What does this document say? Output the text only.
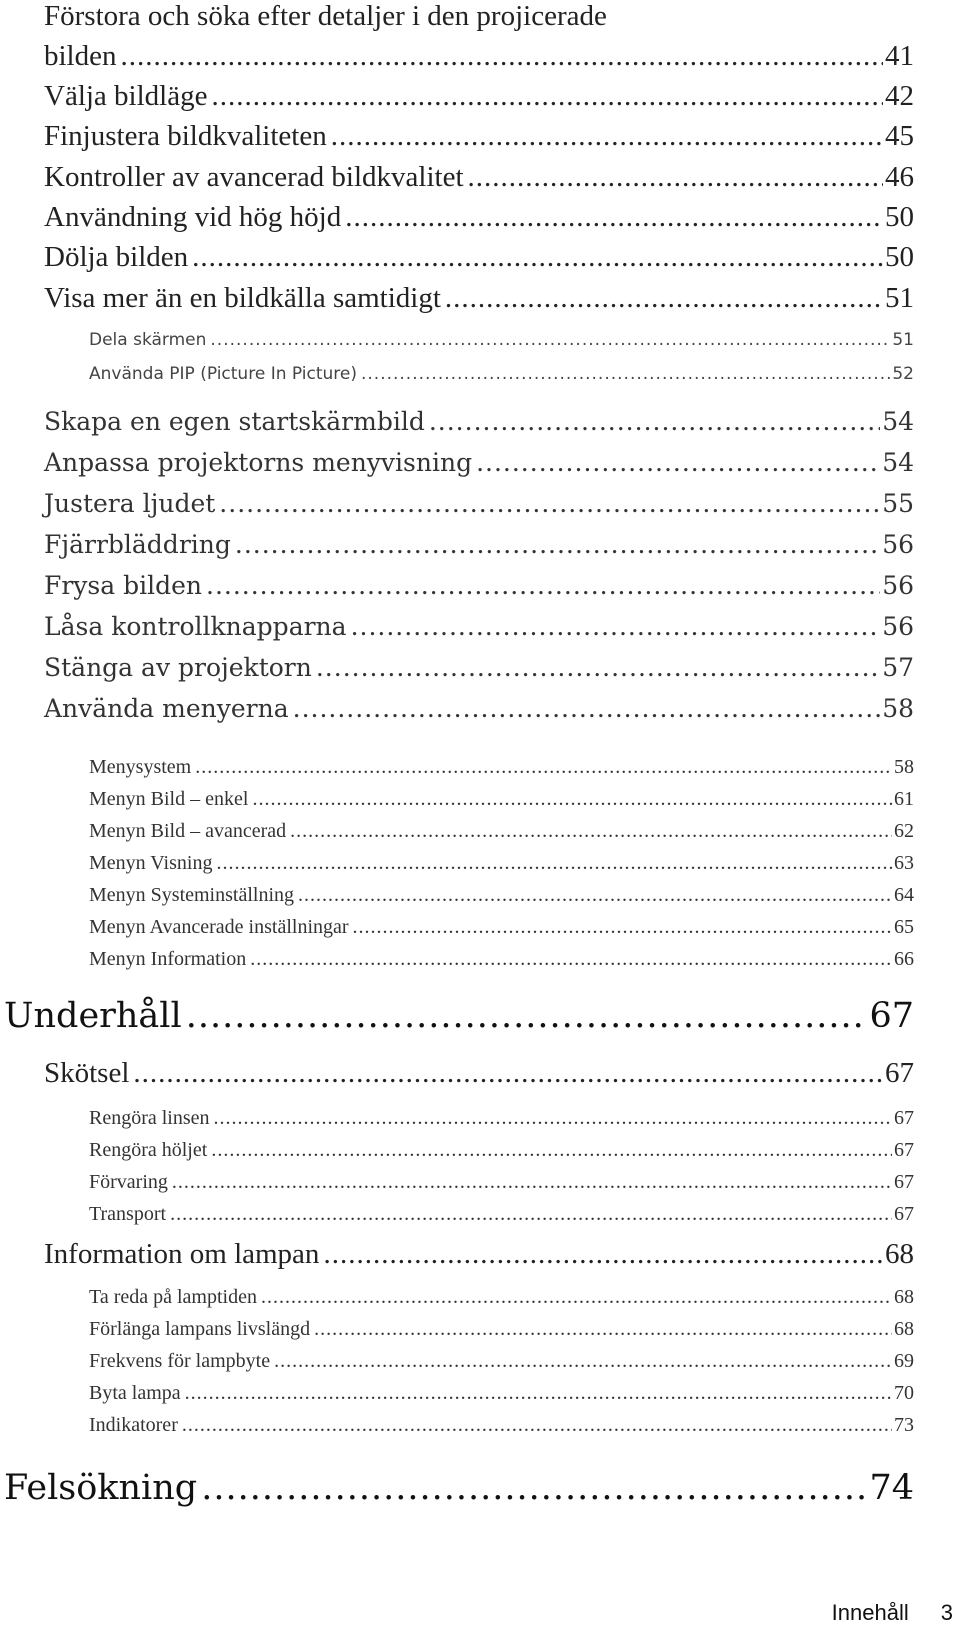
Förstora och söka efter detaljer i den projicerade
bilden .....	41
Välja bildläge .....	42
Finjustera bildkvaliteten .....	45
Kontroller av avancerad bildkvalitet .....	46
Användning vid hög höjd .....	50
Dölja bilden .....	50
Visa mer än en bildkälla samtidigt .....	51
Dela skärmen .....	51
Använda PIP (Picture In Picture) .....	52
Skapa en egen startskärmbild .....	54
Anpassa projektorns menyvisning .....	54
Justera ljudet .....	55
Fjärrbläddring .....	56
Frysa bilden .....	56
Låsa kontrollknapparna .....	56
Stänga av projektorn .....	57
Använda menyerna .....	58
Menysystem .....	58
Menyn Bild – enkel .....	61
Menyn Bild – avancerad .....	62
Menyn Visning .....	63
Menyn Systeminställning .....	64
Menyn Avancerade inställningar .....	65
Menyn Information .....	66
Underhåll .....	67
Skötsel .....	67
Rengöra linsen .....	67
Rengöra höljet .....	67
Förvaring .....	67
Transport .....	67
Information om lampan .....	68
Ta reda på lamptiden .....	68
Förlänga lampans livslängd .....	68
Frekvens för lampbyte .....	69
Byta lampa .....	70
Indikatorer .....	73
Felsökning .....	74
Innehåll 3
